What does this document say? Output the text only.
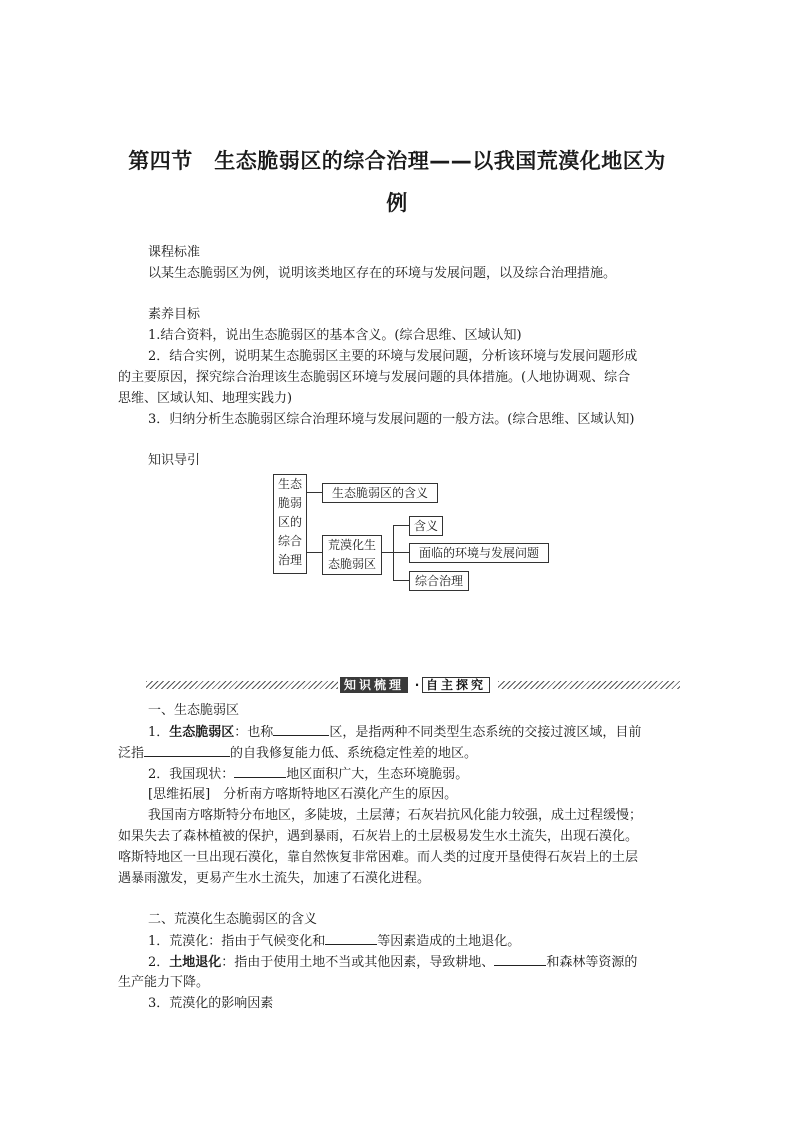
第四节　生态脆弱区的综合治理——以我国荒漠化地区为
例
课程标准
以某生态脆弱区为例，说明该类地区存在的环境与发展问题，以及综合治理措施。
素养目标
1.结合资料，说出生态脆弱区的基本含义。(综合思维、区域认知)
2．结合实例，说明某生态脆弱区主要的环境与发展问题，分析该环境与发展问题形成
的主要原因，探究综合治理该生态脆弱区环境与发展问题的具体措施。(人地协调观、综合
思维、区域认知、地理实践力)
3．归纳分析生态脆弱区综合治理环境与发展问题的一般方法。(综合思维、区域认知)
知识导引
生态
脆弱
区的
综合
治理
生态脆弱区的含义
荒漠化生
态脆弱区
含义
面临的环境与发展问题
综合治理
知识梳理 · 自主探究
一、生态脆弱区
1．生态脆弱区：也称	区，是指两种不同类型生态系统的交接过渡区域，目前
泛指	的自我修复能力低、系统稳定性差的地区。
2．我国现状：	地区面积广大，生态环境脆弱。
[思维拓展]　 分析南方喀斯特地区石漠化产生的原因。
我国南方喀斯特分布地区，多陡坡，土层薄；石灰岩抗风化能力较强，成土过程缓慢；
如果失去了森林植被的保护，遇到暴雨，石灰岩上的土层极易发生水土流失，出现石漠化。
喀斯特地区一旦出现石漠化，靠自然恢复非常困难。而人类的过度开垦使得石灰岩上的土层
遇暴雨激发，更易产生水土流失，加速了石漠化进程。
二、荒漠化生态脆弱区的含义
1．荒漠化：指由于气候变化和	等因素造成的土地退化。
2．土地退化：指由于使用土地不当或其他因素，导致耕地、	和森林等资源的
生产能力下降。
3．荒漠化的影响因素
